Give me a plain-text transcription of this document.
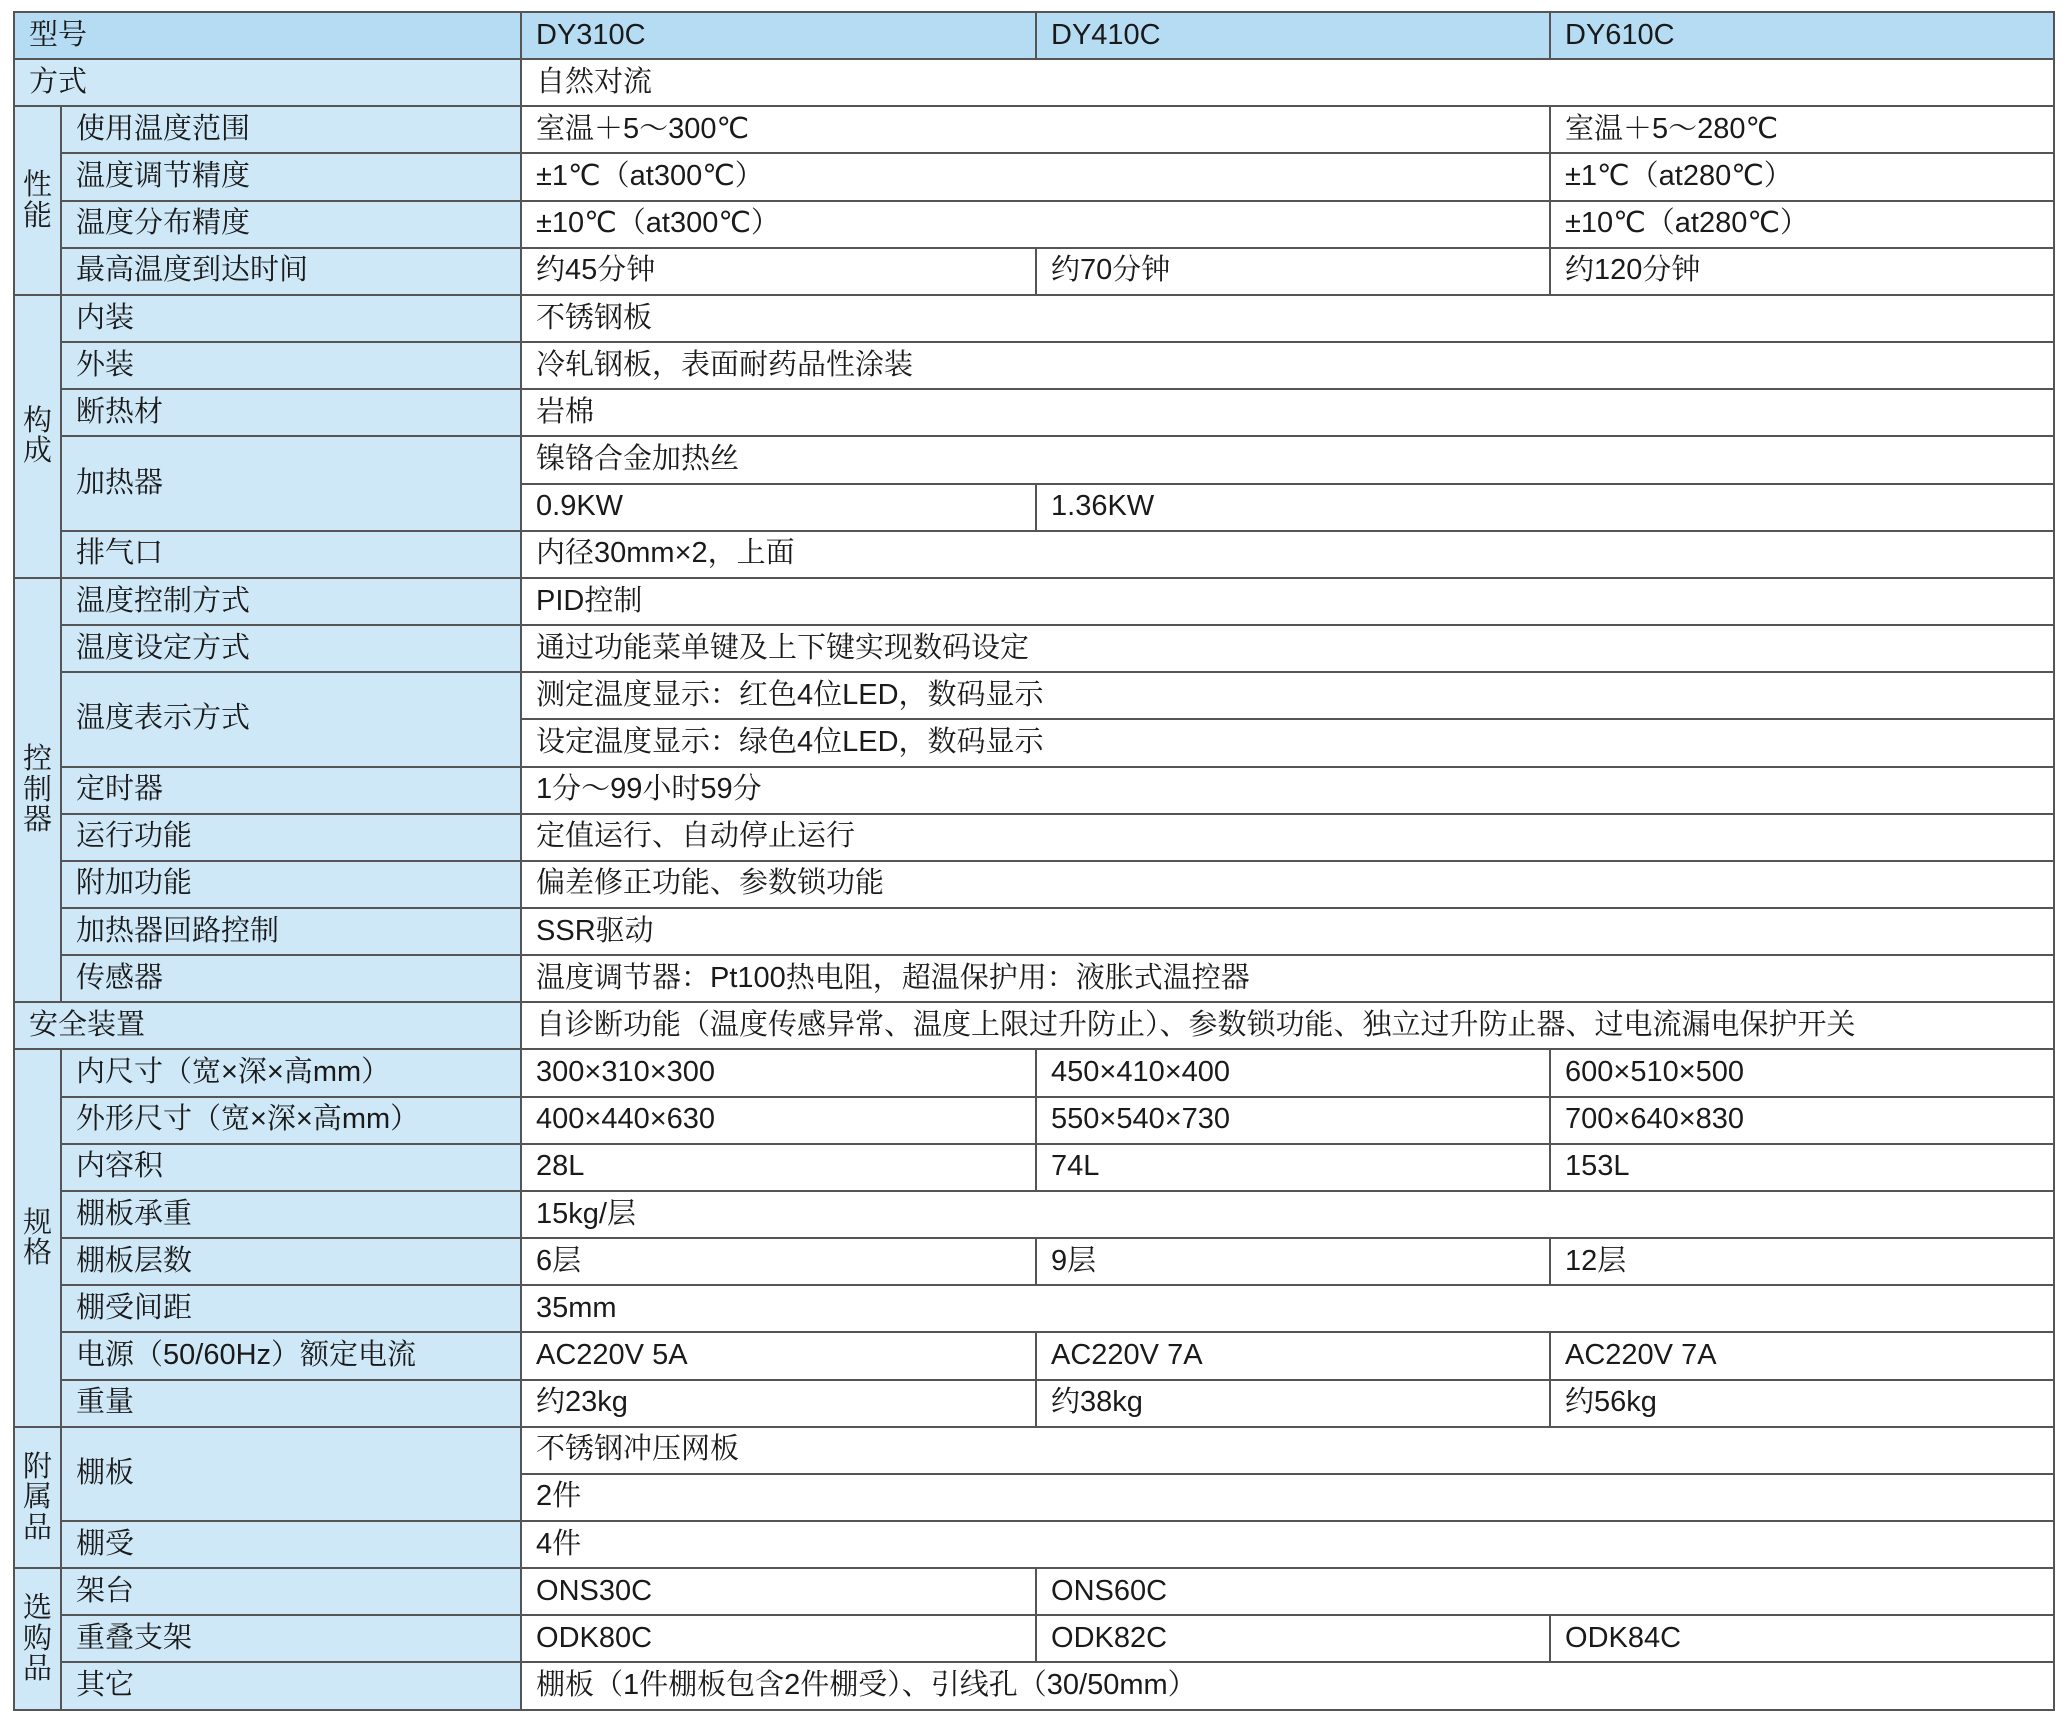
型号		DY310C	DY410C	DY610C
方式		自然对流		
性能	使用温度范围	室温＋5～300℃		室温＋5～280℃
	温度调节精度	±1℃（at300℃）		±1℃（at280℃）
	温度分布精度	±10℃（at300℃）		±10℃（at280℃）
	最高温度到达时间	约45分钟	约70分钟	约120分钟
构成	内装	不锈钢板		
	外装	冷轧钢板，表面耐药品性涂装		
	断热材	岩棉		
	加热器	镍铬合金加热丝		
		0.9KW	1.36KW	
	排气口	内径30mm×2，上面		
控制器	温度控制方式	PID控制		
	温度设定方式	通过功能菜单键及上下键实现数码设定		
	温度表示方式	测定温度显示：红色4位LED，数码显示		
		设定温度显示：绿色4位LED，数码显示		
	定时器	1分～99小时59分		
	运行功能	定值运行、自动停止运行		
	附加功能	偏差修正功能、参数锁功能		
	加热器回路控制	SSR驱动		
	传感器	温度调节器：Pt100热电阻，超温保护用：液胀式温控器		
安全装置		自诊断功能（温度传感异常、温度上限过升防止）、参数锁功能、独立过升防止器、过电流漏电保护开关		
规格	内尺寸（宽×深×高mm）	300×310×300	450×410×400	600×510×500
	外形尺寸（宽×深×高mm）	400×440×630	550×540×730	700×640×830
	内容积	28L	74L	153L
	棚板承重	15kg/层		
	棚板层数	6层	9层	12层
	棚受间距	35mm		
	电源（50/60Hz）额定电流	AC220V 5A	AC220V 7A	AC220V 7A
	重量	约23kg	约38kg	约56kg
附属品	棚板	不锈钢冲压网板		
		2件		
	棚受	4件		
选购品	架台	ONS30C	ONS60C	
	重叠支架	ODK80C	ODK82C	ODK84C
	其它	棚板（1件棚板包含2件棚受）、引线孔（30/50mm）		
